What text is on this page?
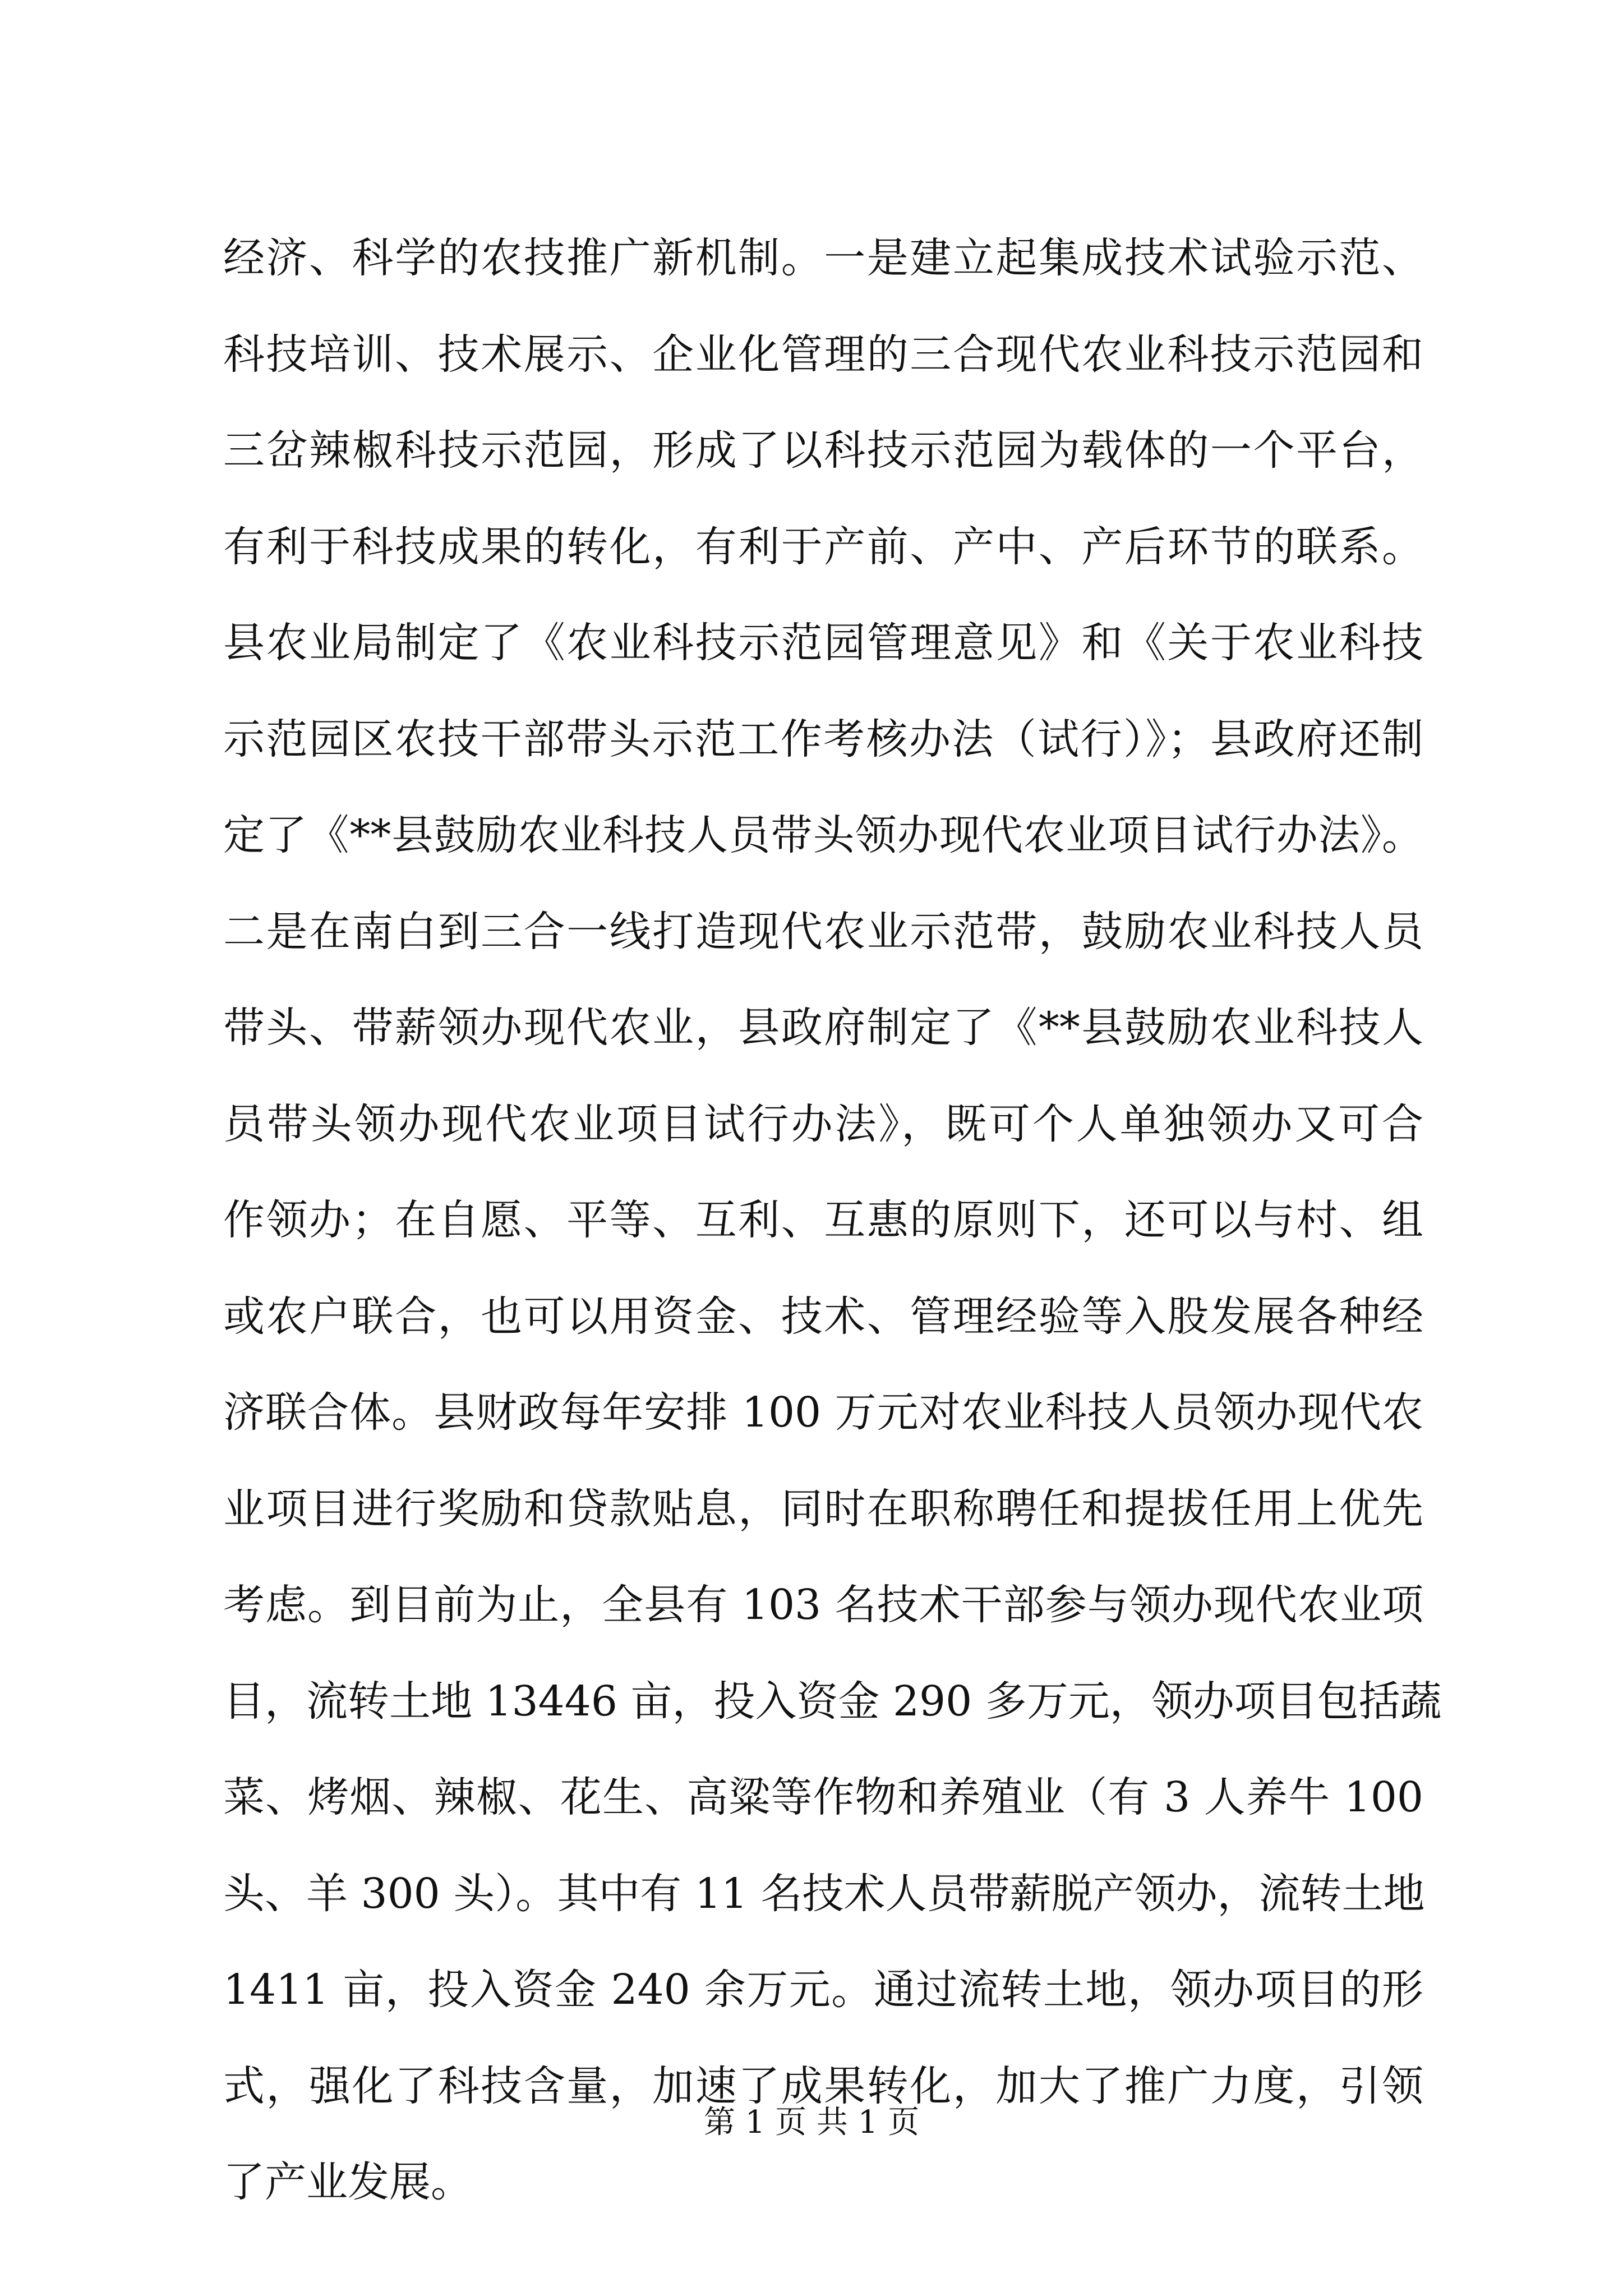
经济、科学的农技推广新机制。一是建立起集成技术试验示范、
科技培训、技术展示、企业化管理的三合现代农业科技示范园和
三岔辣椒科技示范园，形成了以科技示范园为载体的一个平台，
有利于科技成果的转化，有利于产前、产中、产后环节的联系。
县农业局制定了《农业科技示范园管理意见》和《关于农业科技
示范园区农技干部带头示范工作考核办法（试行）》；县政府还制
定了《**县鼓励农业科技人员带头领办现代农业项目试行办法》。
二是在南白到三合一线打造现代农业示范带，鼓励农业科技人员
带头、带薪领办现代农业，县政府制定了《**县鼓励农业科技人
员带头领办现代农业项目试行办法》，既可个人单独领办又可合
作领办；在自愿、平等、互利、互惠的原则下，还可以与村、组
或农户联合，也可以用资金、技术、管理经验等入股发展各种经
济联合体。县财政每年安排 100 万元对农业科技人员领办现代农
业项目进行奖励和贷款贴息，同时在职称聘任和提拔任用上优先
考虑。到目前为止，全县有 103 名技术干部参与领办现代农业项
目，流转土地 13446 亩，投入资金 290 多万元，领办项目包括蔬
菜、烤烟、辣椒、花生、高粱等作物和养殖业（有 3 人养牛 100
头、羊 300 头）。其中有 11 名技术人员带薪脱产领办，流转土地
1411 亩，投入资金 240 余万元。通过流转土地，领办项目的形
式，强化了科技含量，加速了成果转化，加大了推广力度，引领
了产业发展。
第 1 页 共 1 页
